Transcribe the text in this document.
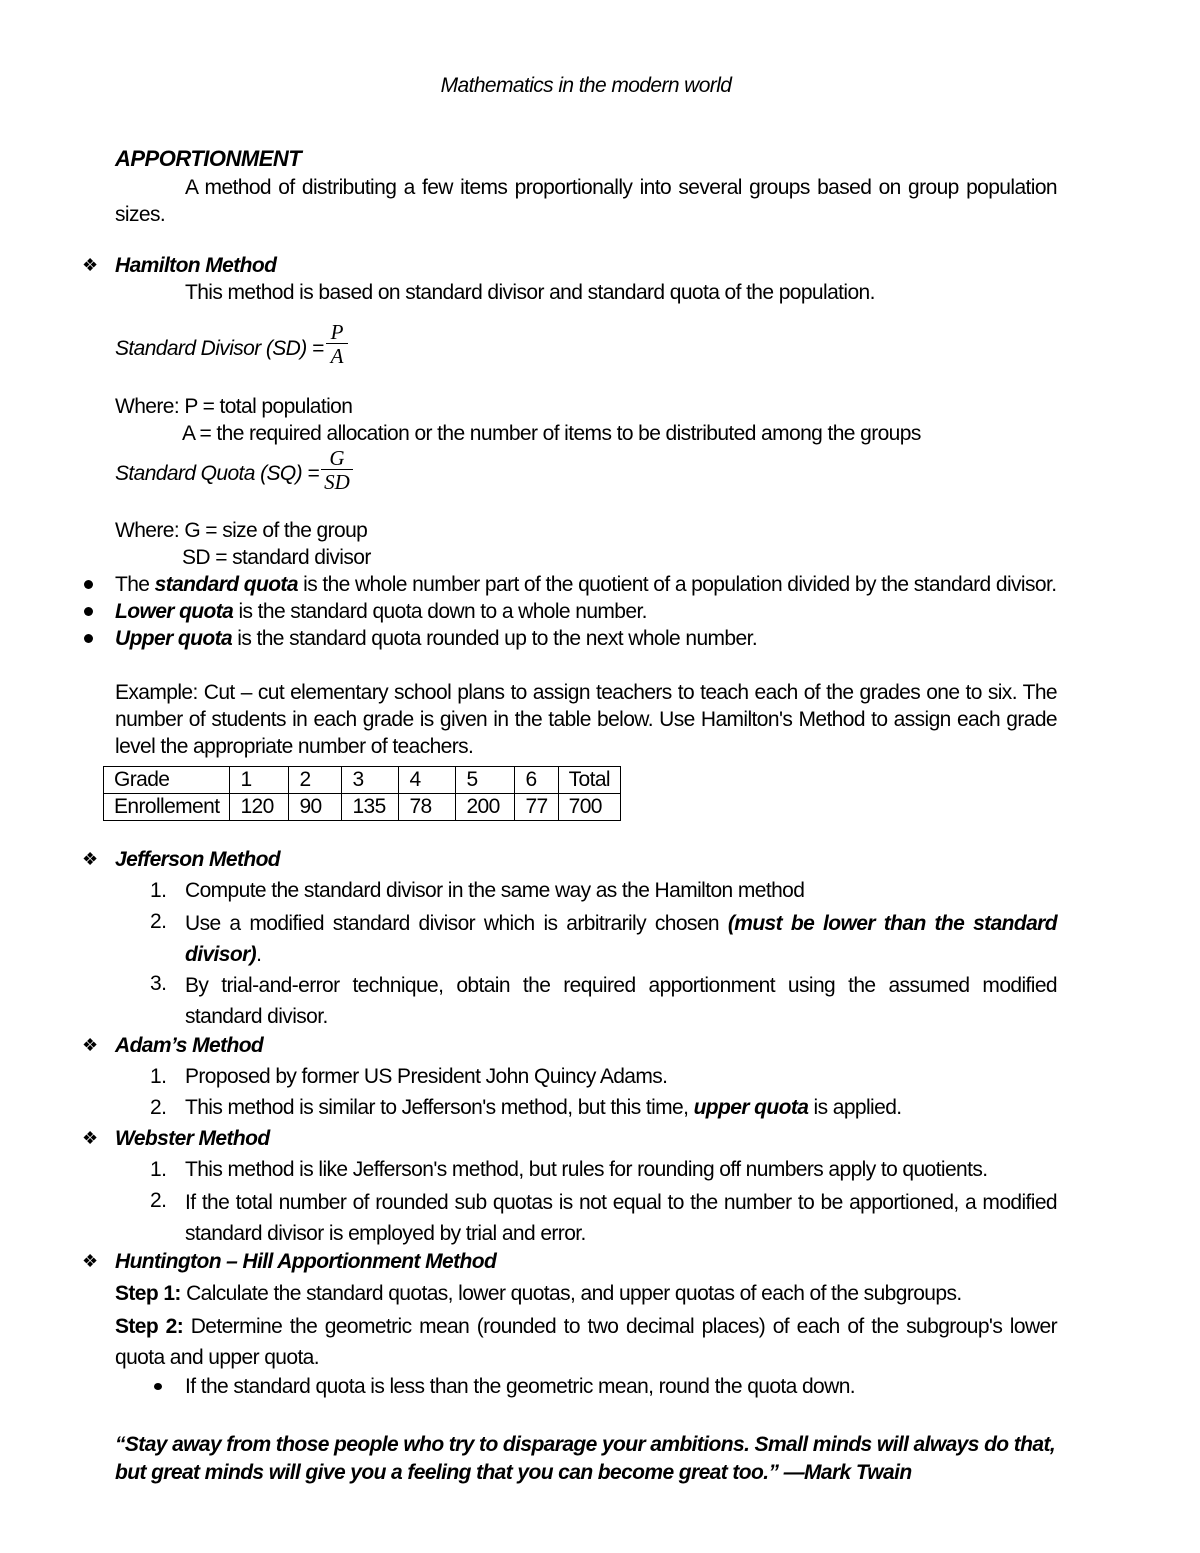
Mathematics in the modern world
APPORTIONMENT
A method of distributing a few items proportionally into several groups based on group population sizes.
❖ Hamilton Method
This method is based on standard divisor and standard quota of the population.
Standard Divisor (SD) =
P
A
Where: P = total population
A = the required allocation or the number of items to be distributed among the groups
Standard Quota (SQ) =
G
SD
Where: G = size of the group
SD = standard divisor
The standard quota is the whole number part of the quotient of a population divided by the standard divisor.
Lower quota is the standard quota down to a whole number.
Upper quota is the standard quota rounded up to the next whole number.
Example: Cut – cut elementary school plans to assign teachers to teach each of the grades one to six. The number of students in each grade is given in the table below. Use Hamilton's Method to assign each grade level the appropriate number of teachers.
Grade	1	2	3	4	5	6	Total
Enrollement	120	90	135	78	200	77	700
❖ Jefferson Method
1. Compute the standard divisor in the same way as the Hamilton method
2. Use a modified standard divisor which is arbitrarily chosen (must be lower than the standard divisor).
3. By trial-and-error technique, obtain the required apportionment using the assumed modified standard divisor.
❖ Adam’s Method
1. Proposed by former US President John Quincy Adams.
2. This method is similar to Jefferson's method, but this time, upper quota is applied.
❖ Webster Method
1. This method is like Jefferson's method, but rules for rounding off numbers apply to quotients.
2. If the total number of rounded sub quotas is not equal to the number to be apportioned, a modified standard divisor is employed by trial and error.
❖ Huntington – Hill Apportionment Method
Step 1: Calculate the standard quotas, lower quotas, and upper quotas of each of the subgroups.
Step 2: Determine the geometric mean (rounded to two decimal places) of each of the subgroup's lower quota and upper quota.
If the standard quota is less than the geometric mean, round the quota down.
“Stay away from those people who try to disparage your ambitions. Small minds will always do that,
but great minds will give you a feeling that you can become great too.” —Mark Twain
